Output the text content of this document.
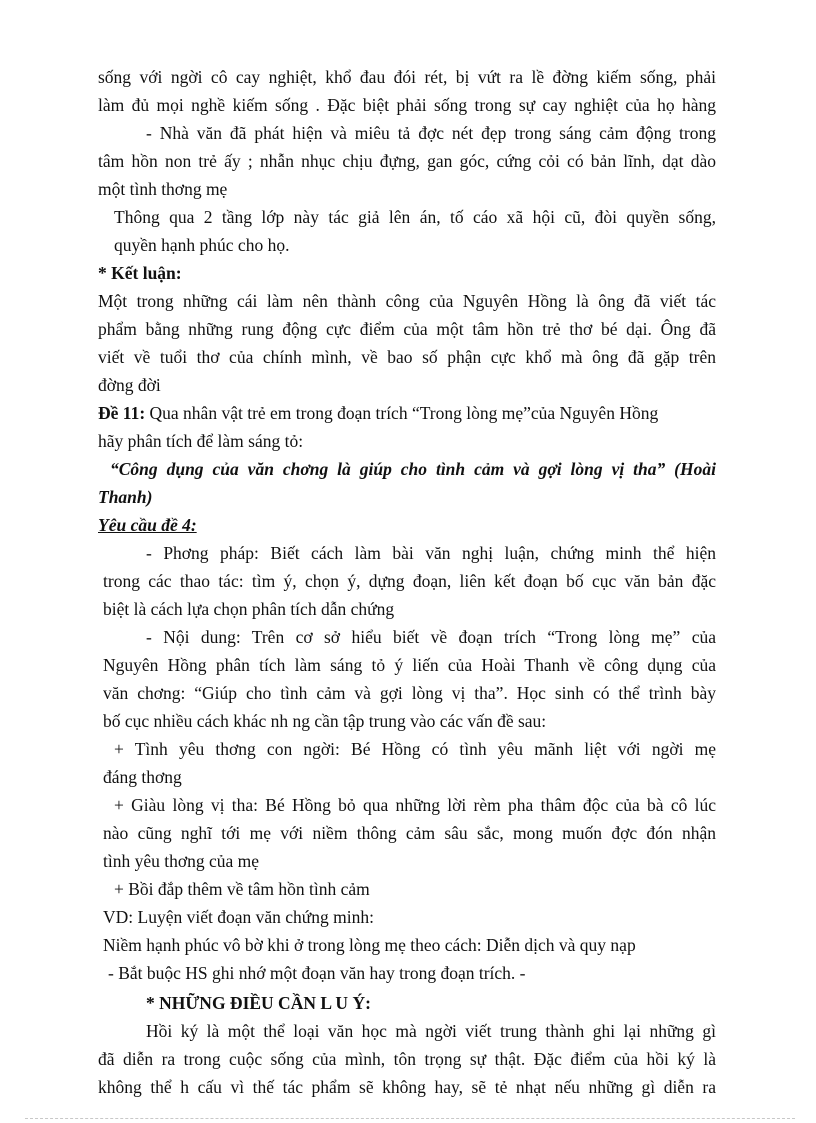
sống với ngời cô cay nghiệt, khổ đau đói rét, bị vứt ra lề đờng kiếm sống, phải
làm đủ mọi nghề kiếm sống . Đặc biệt phải sống trong sự cay nghiệt của họ hàng
- Nhà văn đã phát hiện và miêu tả đợc nét đẹp trong sáng cảm động trong
tâm hồn non trẻ ấy ; nhẫn nhục chịu đựng, gan góc, cứng cỏi có bản lĩnh, dạt dào
một tình thơng mẹ
Thông qua 2 tầng lớp này tác giả lên án, tố cáo xã hội cũ, đòi quyền sống,
quyền hạnh phúc cho họ.
* Kết luận:
Một trong những cái làm nên thành công của Nguyên Hồng là ông đã viết tác
phẩm bằng những rung động cực điểm của một tâm hồn trẻ thơ bé dại. Ông đã
viết về tuổi thơ của chính mình, về bao số phận cực khổ mà ông đã gặp trên
đờng đời
Đề 11: Qua nhân vật trẻ em trong đoạn trích “Trong lòng mẹ”của Nguyên Hồng
hãy phân tích để làm sáng tỏ:
“Công dụng của văn chơng là giúp cho tình cảm và gợi lòng vị tha” (Hoài
Thanh)
Yêu cầu đề 4:
- Phơng pháp: Biết cách làm bài văn nghị luận, chứng minh thể hiện
trong các thao tác: tìm ý, chọn ý, dựng đoạn, liên kết đoạn bố cục văn bản đặc
biệt là cách lựa chọn phân tích dẫn chứng
- Nội dung: Trên cơ sở hiểu biết về đoạn trích “Trong lòng mẹ” của
Nguyên Hồng phân tích làm sáng tỏ ý liến của Hoài Thanh về công dụng của
văn chơng: “Giúp cho tình cảm và gợi lòng vị tha”. Học sinh có thể trình bày
bố cục nhiều cách khác nh ng cần tập trung vào các vấn đề sau:
+ Tình yêu thơng con ngời: Bé Hồng có tình yêu mãnh liệt với ngời mẹ
đáng thơng
+ Giàu lòng vị tha: Bé Hồng bỏ qua những lời rèm pha thâm độc của bà cô lúc
nào cũng nghĩ tới mẹ với niềm thông cảm sâu sắc, mong muốn đợc đón nhận
tình yêu thơng của mẹ
+ Bồi đắp thêm về tâm hồn tình cảm
VD: Luyện viết đoạn văn chứng minh:
Niềm hạnh phúc vô bờ khi ở trong lòng mẹ theo cách: Diễn dịch và quy nạp
- Bắt buộc HS ghi nhớ một đoạn văn hay trong đoạn trích. -
* NHỮNG ĐIỀU CẦN L U Ý:
Hồi ký là một thể loại văn học mà ngời viết trung thành ghi lại những gì
đã diễn ra trong cuộc sống của mình, tôn trọng sự thật. Đặc điểm của hồi ký là
không thể h cấu vì thế tác phẩm sẽ không hay, sẽ tẻ nhạt nếu những gì diễn ra
